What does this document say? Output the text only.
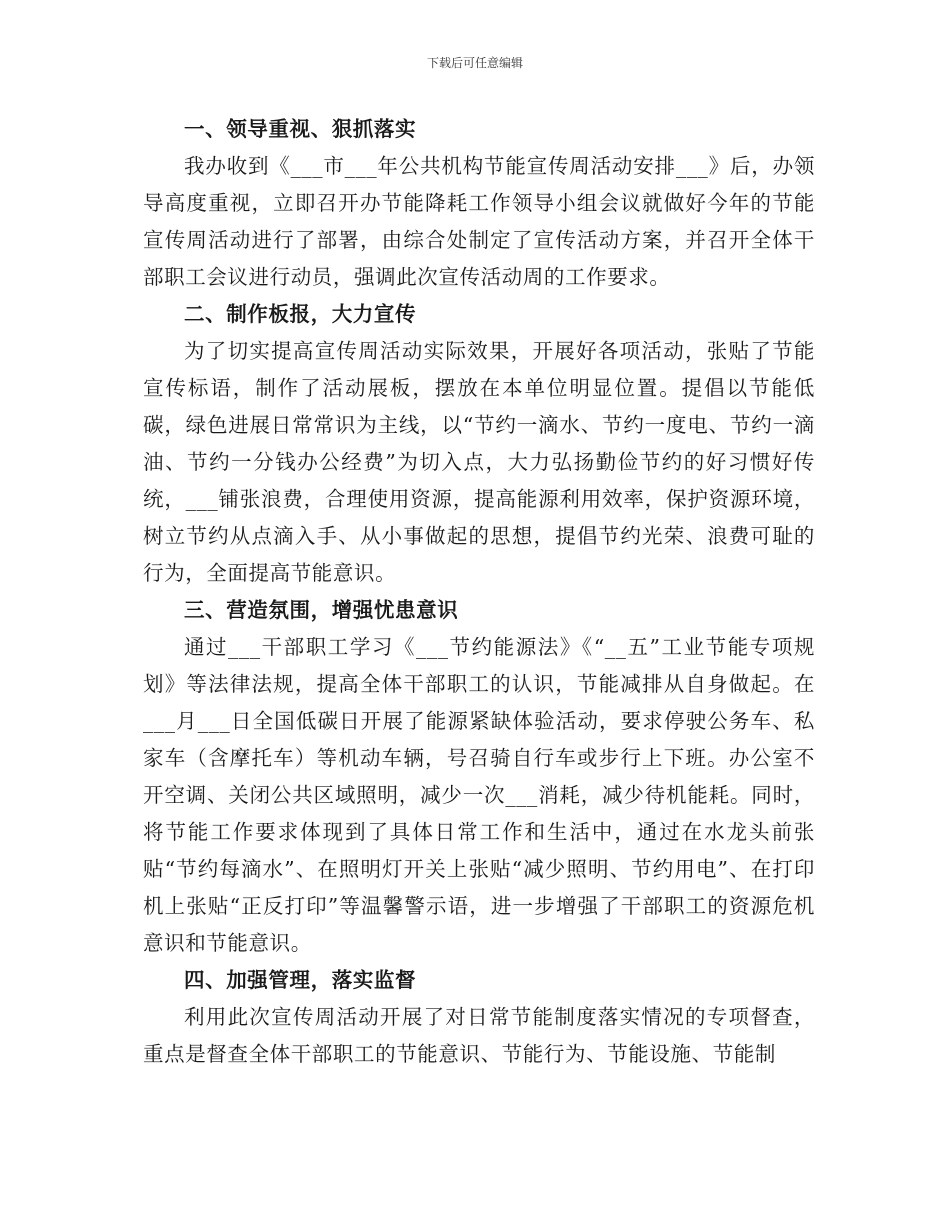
下载后可任意编辑
一、领导重视、狠抓落实

我办收到《___市___年公共机构节能宣传周活动安排___》后，办领导高度重视，立即召开办节能降耗工作领导小组会议就做好今年的节能宣传周活动进行了部署，由综合处制定了宣传活动方案，并召开全体干部职工会议进行动员，强调此次宣传活动周的工作要求。

二、制作板报，大力宣传

为了切实提高宣传周活动实际效果，开展好各项活动，张贴了节能宣传标语，制作了活动展板，摆放在本单位明显位置。提倡以节能低碳，绿色进展日常常识为主线，以“节约一滴水、节约一度电、节约一滴油、节约一分钱办公经费”为切入点，大力弘扬勤俭节约的好习惯好传统，___铺张浪费，合理使用资源，提高能源利用效率，保护资源环境，树立节约从点滴入手、从小事做起的思想，提倡节约光荣、浪费可耻的行为，全面提高节能意识。

三、营造氛围，增强忧患意识

通过___干部职工学习《___节约能源法》《“__五”工业节能专项规划》等法律法规，提高全体干部职工的认识，节能减排从自身做起。在___月___日全国低碳日开展了能源紧缺体验活动，要求停驶公务车、私家车（含摩托车）等机动车辆，号召骑自行车或步行上下班。办公室不开空调、关闭公共区域照明，减少一次___消耗，减少待机能耗。同时，将节能工作要求体现到了具体日常工作和生活中，通过在水龙头前张贴“节约每滴水”、在照明灯开关上张贴“减少照明、节约用电”、在打印机上张贴“正反打印”等温馨警示语，进一步增强了干部职工的资源危机意识和节能意识。

四、加强管理，落实监督

利用此次宣传周活动开展了对日常节能制度落实情况的专项督查，重点是督查全体干部职工的节能意识、节能行为、节能设施、节能制
